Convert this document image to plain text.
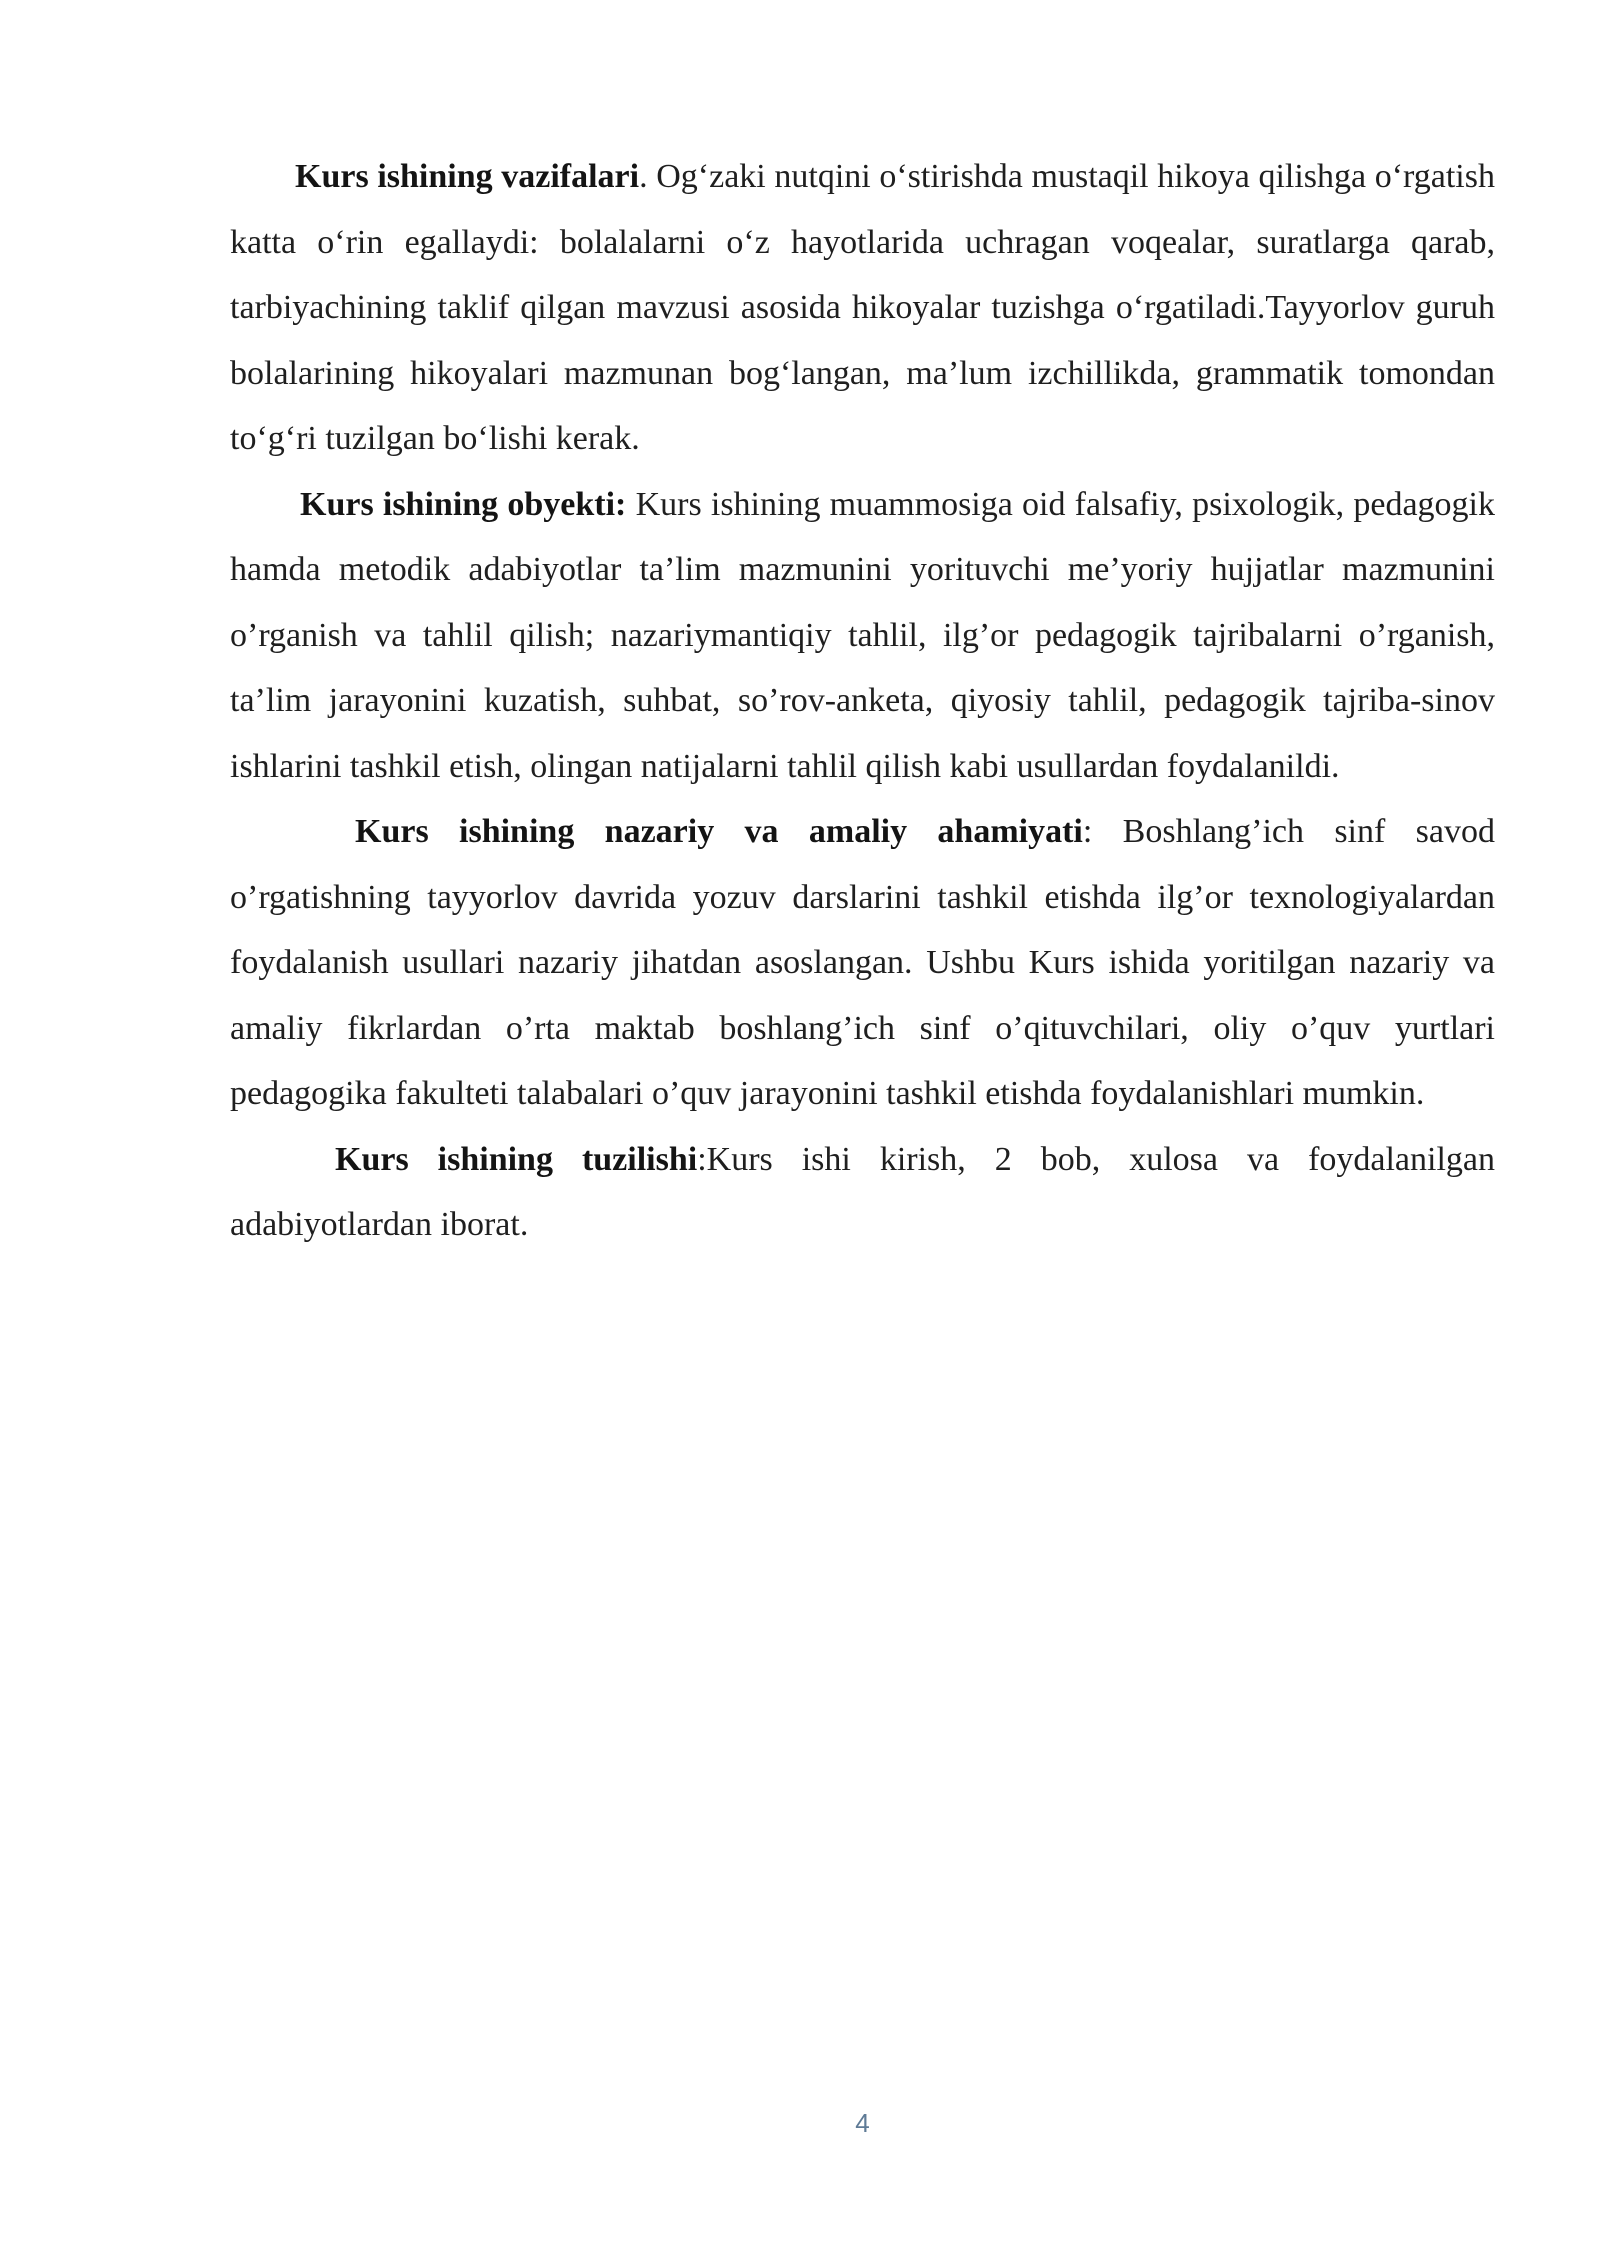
Kurs ishining vazifalari. Og‘zaki nutqini o‘stirishda mustaqil hikoya qilishga o‘rgatish katta o‘rin egallaydi: bolalalarni o‘z hayotlarida uchragan voqealar, suratlarga qarab, tarbiyachining taklif qilgan mavzusi asosida hikoyalar tuzishga o‘rgatiladi.Tayyorlov guruh bolalarining hikoyalari mazmunan bog‘langan, ma’lum izchillikda, grammatik tomondan to‘g‘ri tuzilgan bo‘lishi kerak.

Kurs ishining obyekti: Kurs ishining muammosiga oid falsafiy, psixologik, pedagogik hamda metodik adabiyotlar ta’lim mazmunini yorituvchi me’yoriy hujjatlar mazmunini o’rganish va tahlil qilish; nazariymantiqiy tahlil, ilg’or pedagogik tajribalarni o’rganish, ta’lim jarayonini kuzatish, suhbat, so’rov-anketa, qiyosiy tahlil, pedagogik tajriba-sinov ishlarini tashkil etish, olingan natijalarni tahlil qilish kabi usullardan foydalanildi.

Kurs ishining nazariy va amaliy ahamiyati: Boshlang’ich sinf savod o’rgatishning tayyorlov davrida yozuv darslarini tashkil etishda ilg’or texnologiyalardan foydalanish usullari nazariy jihatdan asoslangan. Ushbu Kurs ishida yoritilgan nazariy va amaliy fikrlardan o’rta maktab boshlang’ich sinf o’qituvchilari, oliy o’quv yurtlari pedagogika fakulteti talabalari o’quv jarayonini tashkil etishda foydalanishlari mumkin.

Kurs ishining tuzilishi:Kurs ishi kirish, 2 bob, xulosa va foydalanilgan adabiyotlardan iborat.

4
